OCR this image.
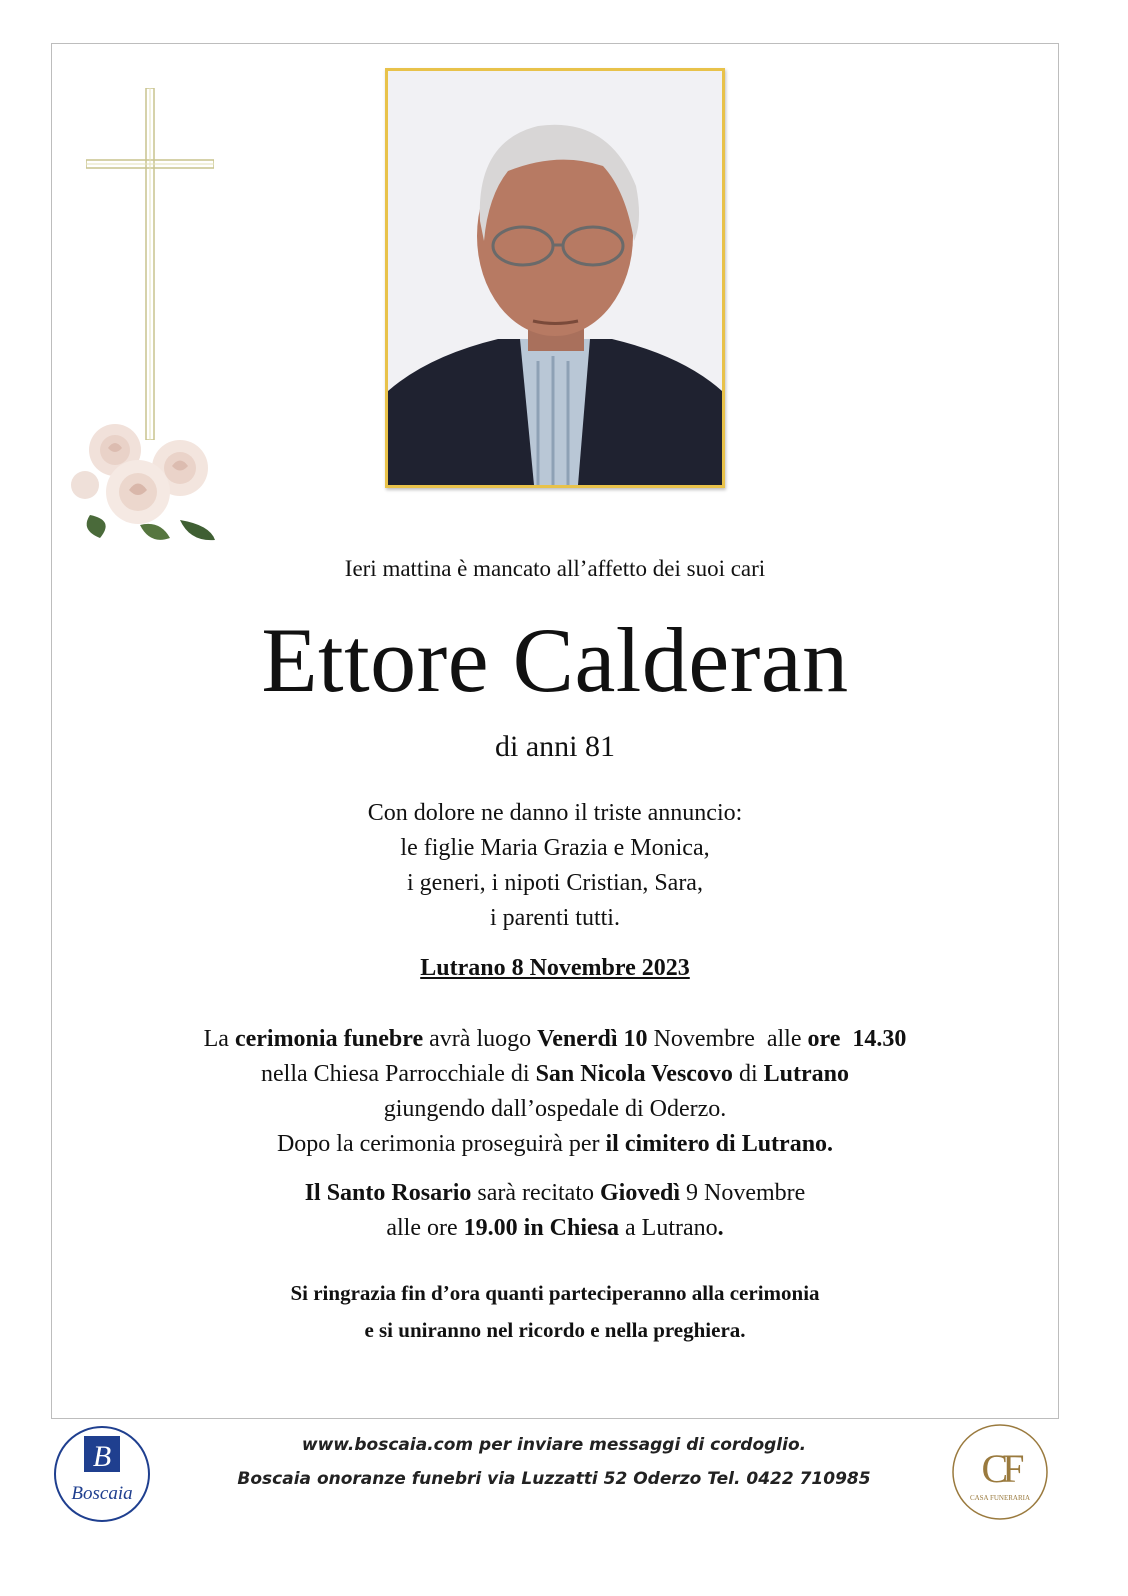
Ieri mattina è mancato all’affetto dei suoi cari
Ettore Calderan
di anni 81
Con dolore ne danno il triste annuncio:
le figlie Maria Grazia e Monica,
i generi, i nipoti Cristian, Sara,
i parenti tutti.
Lutrano 8 Novembre 2023
La cerimonia funebre avrà luogo Venerdì 10 Novembre  alle ore  14.30
nella Chiesa Parrocchiale di San Nicola Vescovo di Lutrano
giungendo dall’ospedale di Oderzo.
Dopo la cerimonia proseguirà per il cimitero di Lutrano.
Il Santo Rosario sarà recitato Giovedì 9 Novembre
alle ore 19.00 in Chiesa a Lutrano.
Si ringrazia fin d’ora quanti parteciperanno alla cerimonia
e si uniranno nel ricordo e nella preghiera.
B
Boscaia
CF
CASA FUNERARIA
www.boscaia.com per inviare messaggi di cordoglio.
Boscaia onoranze funebri via Luzzatti 52 Oderzo Tel. 0422 710985
